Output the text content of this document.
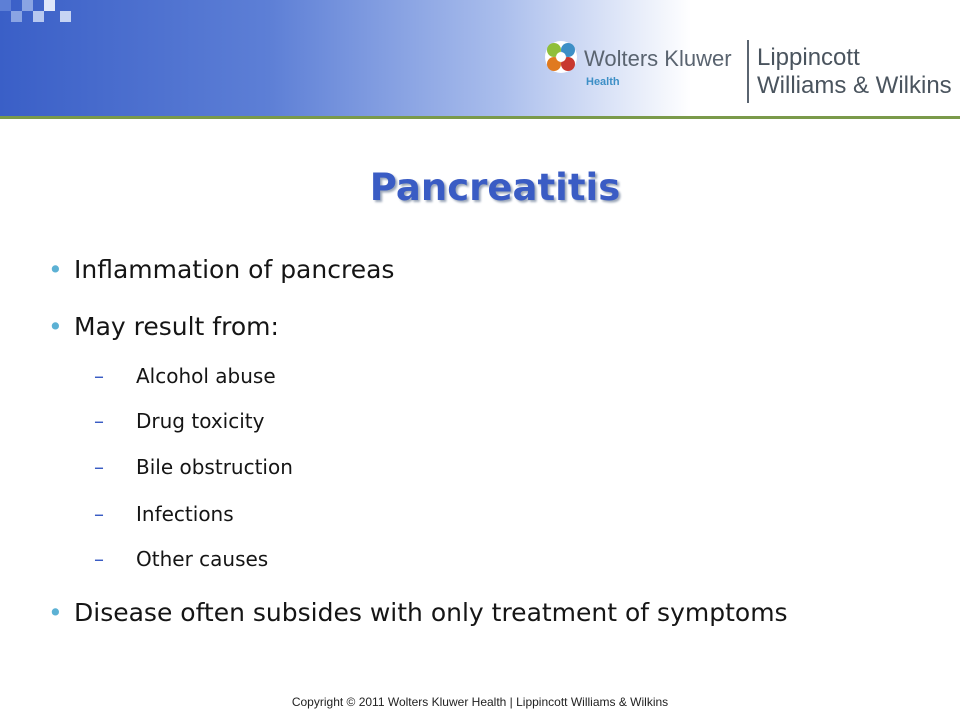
Wolters Kluwer
Health
Lippincott
Williams & Wilkins
Pancreatitis
• Inflammation of pancreas
• May result from:
– Alcohol abuse
– Drug toxicity
– Bile obstruction
– Infections
– Other causes
• Disease often subsides with only treatment of symptoms
Copyright © 2011 Wolters Kluwer Health | Lippincott Williams & Wilkins
